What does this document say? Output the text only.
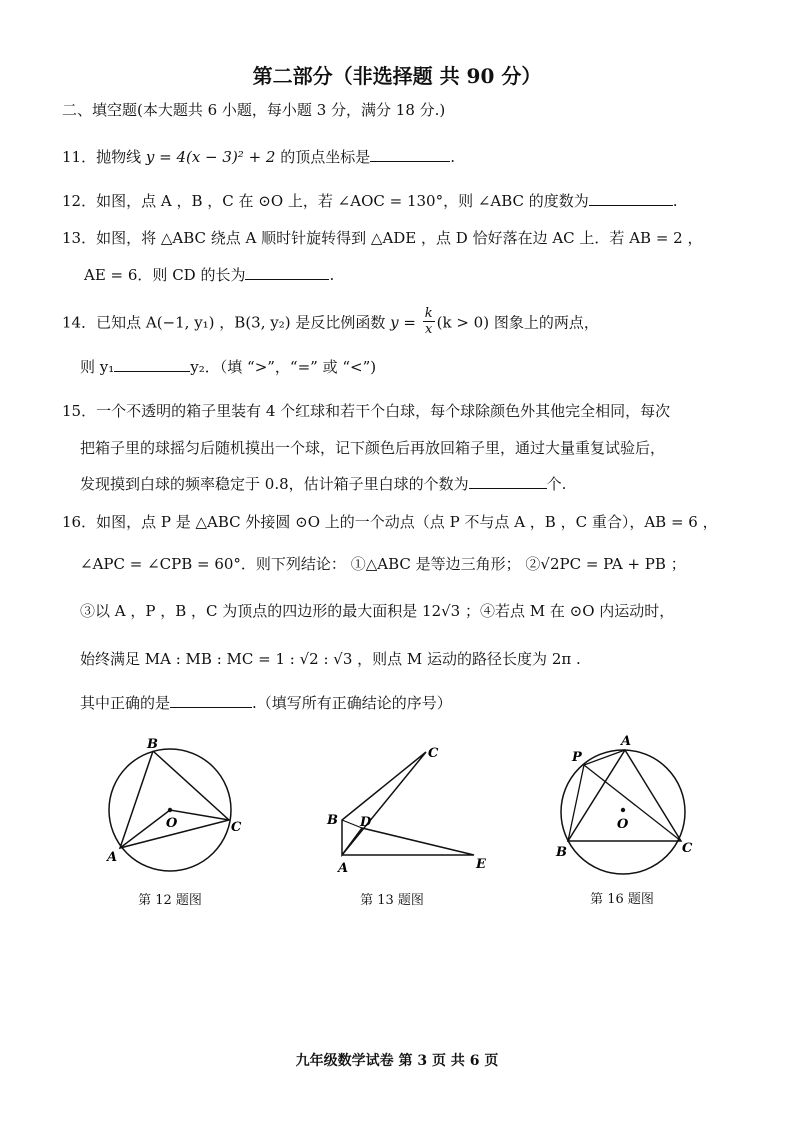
第二部分（非选择题 共 90 分）
二、填空题(本大题共 6 小题，每小题 3 分，满分 18 分.)
11．抛物线 y = 4(x − 3)² + 2 的顶点坐标是	.
12．如图，点 A ，B ，C 在 ⊙O 上，若 ∠AOC = 130°，则 ∠ABC 的度数为	.
13．如图，将 △ABC 绕点 A 顺时针旋转得到 △ADE ，点 D 恰好落在边 AC 上．若 AB = 2 ，
AE = 6．则 CD 的长为	.
14．已知点 A(−1, y₁) ，B(3, y₂) 是反比例函数 $y = \frac{k}{x} (k > 0)$ 图象上的两点，
则 y₁	y₂．（填 “>”，“=” 或 “<”)
15．一个不透明的箱子里装有 4 个红球和若干个白球，每个球除颜色外其他完全相同，每次
把箱子里的球摇匀后随机摸出一个球，记下颜色后再放回箱子里，通过大量重复试验后，
发现摸到白球的频率稳定于 0.8，估计箱子里白球的个数为	个.
16．如图，点 P 是 △ABC 外接圆 ⊙O 上的一个动点（点 P 不与点 A ，B ，C 重合），AB = 6 ，
∠APC = ∠CPB = 60°．则下列结论： ①△ABC 是等边三角形； ②√2PC = PA + PB ；
③以 A ，P ，B ，C 为顶点的四边形的最大面积是 12√3 ；④若点 M 在 ⊙O 内运动时，
始终满足 MA : MB : MC = 1 : √2 : √3 ，则点 M 运动的路径长度为 2π .
其中正确的是	.（填写所有正确结论的序号）
B
A
C
O
第 12 题图
C
B D
A	E
第 13 题图
A
P
B	C
O
第 16 题图
九年级数学试卷 第 3 页 共 6 页
